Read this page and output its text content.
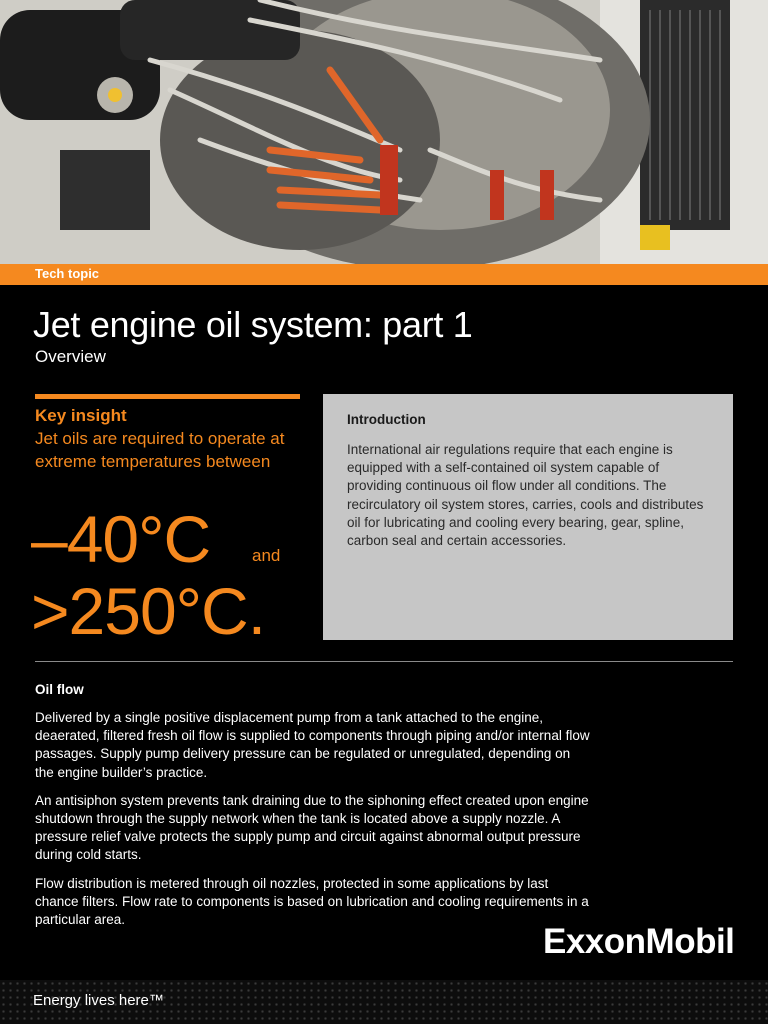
Tech topic
Jet engine oil system: part 1
Overview
Key insight
Jet oils are required to operate at extreme temperatures between
–40°C and
>250°C.

Introduction

International air regulations require that each engine is equipped with a self-contained oil system capable of providing continuous oil flow under all conditions. The recirculatory oil system stores, carries, cools and distributes oil for lubricating and cooling every bearing, gear, spline, carbon seal and certain accessories.

Oil flow

Delivered by a single positive displacement pump from a tank attached to the engine, deaerated, filtered fresh oil flow is supplied to components through piping and/or internal flow passages. Supply pump delivery pressure can be regulated or unregulated, depending on the engine builder’s practice.

An antisiphon system prevents tank draining due to the siphoning effect created upon engine shutdown through the supply network when the tank is located above a supply nozzle. A pressure relief valve protects the supply pump and circuit against abnormal output pressure during cold starts.

Flow distribution is metered through oil nozzles, protected in some applications by last chance filters. Flow rate to components is based on lubrication and cooling requirements in a particular area.

ExxonMobil
Energy lives here™
